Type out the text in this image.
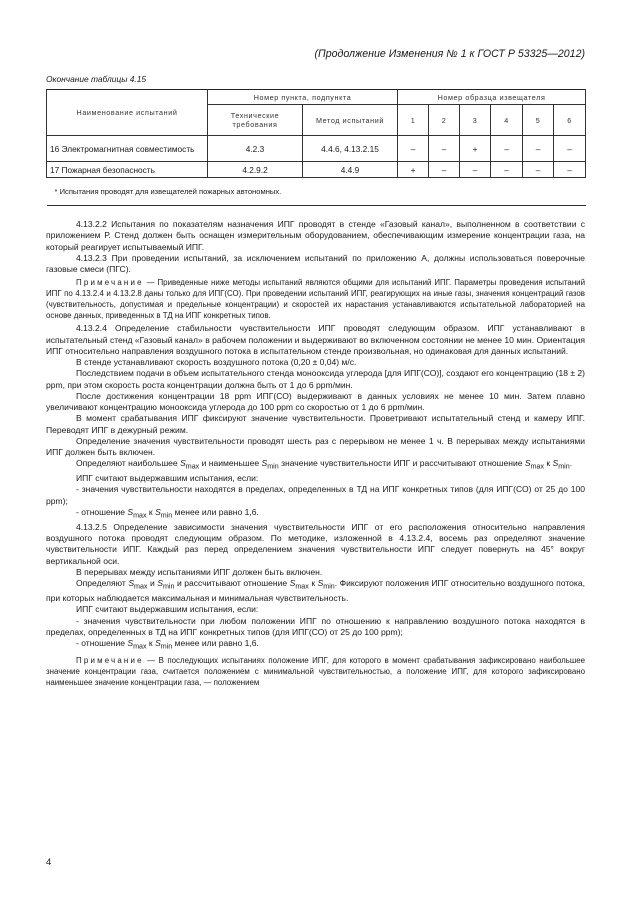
(Продолжение Изменения № 1 к ГОСТ Р 53325—2012)
Окончание таблицы 4.15
Наименование испытаний	Номер пункта, подпункта		Номер образца извещателя					
	Технические требования	Метод испытаний	1	2	3	4	5	6
16 Электромагнитная совместимость	4.2.3	4.4.6, 4.13.2.15	–	–	+	–	–	–
17 Пожарная безопасность	4.2.9.2	4.4.9	+	–	–	–	–	–
* Испытания проводят для извещателей пожарных автономных.								

4.13.2.2 Испытания по показателям назначения ИПГ проводят в стенде «Газовый канал», выполненном в соответствии с приложением Р. Стенд должен быть оснащен измерительным оборудованием, обеспечивающим измерение концентрации газа, на который реагирует испытываемый ИПГ.

4.13.2.3 При проведении испытаний, за исключением испытаний по приложению А, должны использоваться поверочные газовые смеси (ПГС).

Примечание — Приведенные ниже методы испытаний являются общими для испытаний ИПГ. Параметры проведения испытаний ИПГ по 4.13.2.4 и 4.13.2.8 даны только для ИПГ(СО). При проведении испытаний ИПГ, реагирующих на иные газы, значения концентраций газов (чувствительность, допустимая и предельные концентрации) и скоростей их нарастания устанавливаются испытательной лабораторией на основе данных, приведенных в ТД на ИПГ конкретных типов.

4.13.2.4 Определение стабильности чувствительности ИПГ проводят следующим образом. ИПГ устанавливают в испытательный стенд «Газовый канал» в рабочем положении и выдерживают во включенном состоянии не менее 10 мин. Ориентация ИПГ относительно направления воздушного потока в испытательном стенде произвольная, но одинаковая для данных испытаний.

В стенде устанавливают скорость воздушного потока (0,20 ± 0,04) м/с.

Последствием подачи в объем испытательного стенда монооксида углерода [для ИПГ(СО)], создают его концентрацию (18 ± 2) ppm, при этом скорость роста концентрации должна быть от 1 до 6 ppm/мин.

После достижения концентрации 18 ppm ИПГ(СО) выдерживают в данных условиях не менее 10 мин. Затем плавно увеличивают концентрацию монооксида углерода до 100 ppm со скоростью от 1 до 6 ppm/мин.

В момент срабатывания ИПГ фиксируют значение чувствительности. Проветривают испытательный стенд и камеру ИПГ. Переводят ИПГ в дежурный режим.

Определение значения чувствительности проводят шесть раз с перерывом не менее 1 ч. В перерывах между испытаниями ИПГ должен быть включен.

Определяют наибольшее $S_{max}$ и наименьшее $S_{min}$ значение чувствительности ИПГ и рассчитывают отношение $S_{max}$ к $S_{min}$.

ИПГ считают выдержавшим испытания, если:

- значения чувствительности находятся в пределах, определенных в ТД на ИПГ конкретных типов (для ИПГ(СО) от 25 до 100 ppm);

- отношение $S_{max}$ к $S_{min}$ менее или равно 1,6.

4.13.2.5 Определение зависимости значения чувствительности ИПГ от его расположения относительно направления воздушного потока проводят следующим образом. По методике, изложенной в 4.13.2.4, восемь раз определяют значение чувствительности ИПГ. Каждый раз перед определением значения чувствительности ИПГ следует повернуть на 45° вокруг вертикальной оси.

В перерывах между испытаниями ИПГ должен быть включен.

Определяют $S_{max}$ и $S_{min}$ и рассчитывают отношение $S_{max}$ к $S_{min}$. Фиксируют положения ИПГ относительно воздушного потока, при которых наблюдается максимальная и минимальная чувствительность.

ИПГ считают выдержавшим испытания, если:

- значения чувствительности при любом положении ИПГ по отношению к направлению воздушного потока находятся в пределах, определенных в ТД на ИПГ конкретных типов (для ИПГ(СО) от 25 до 100 ppm);

- отношение $S_{max}$ к $S_{min}$ менее или равно 1,6.

Примечание — В последующих испытаниях положение ИПГ, для которого в момент срабатывания зафиксировано наибольшее значение концентрации газа, считается положением с минимальной чувствительностью, а положение ИПГ, для которого зафиксировано наименьшее значение концентрации газа, — положением

4
